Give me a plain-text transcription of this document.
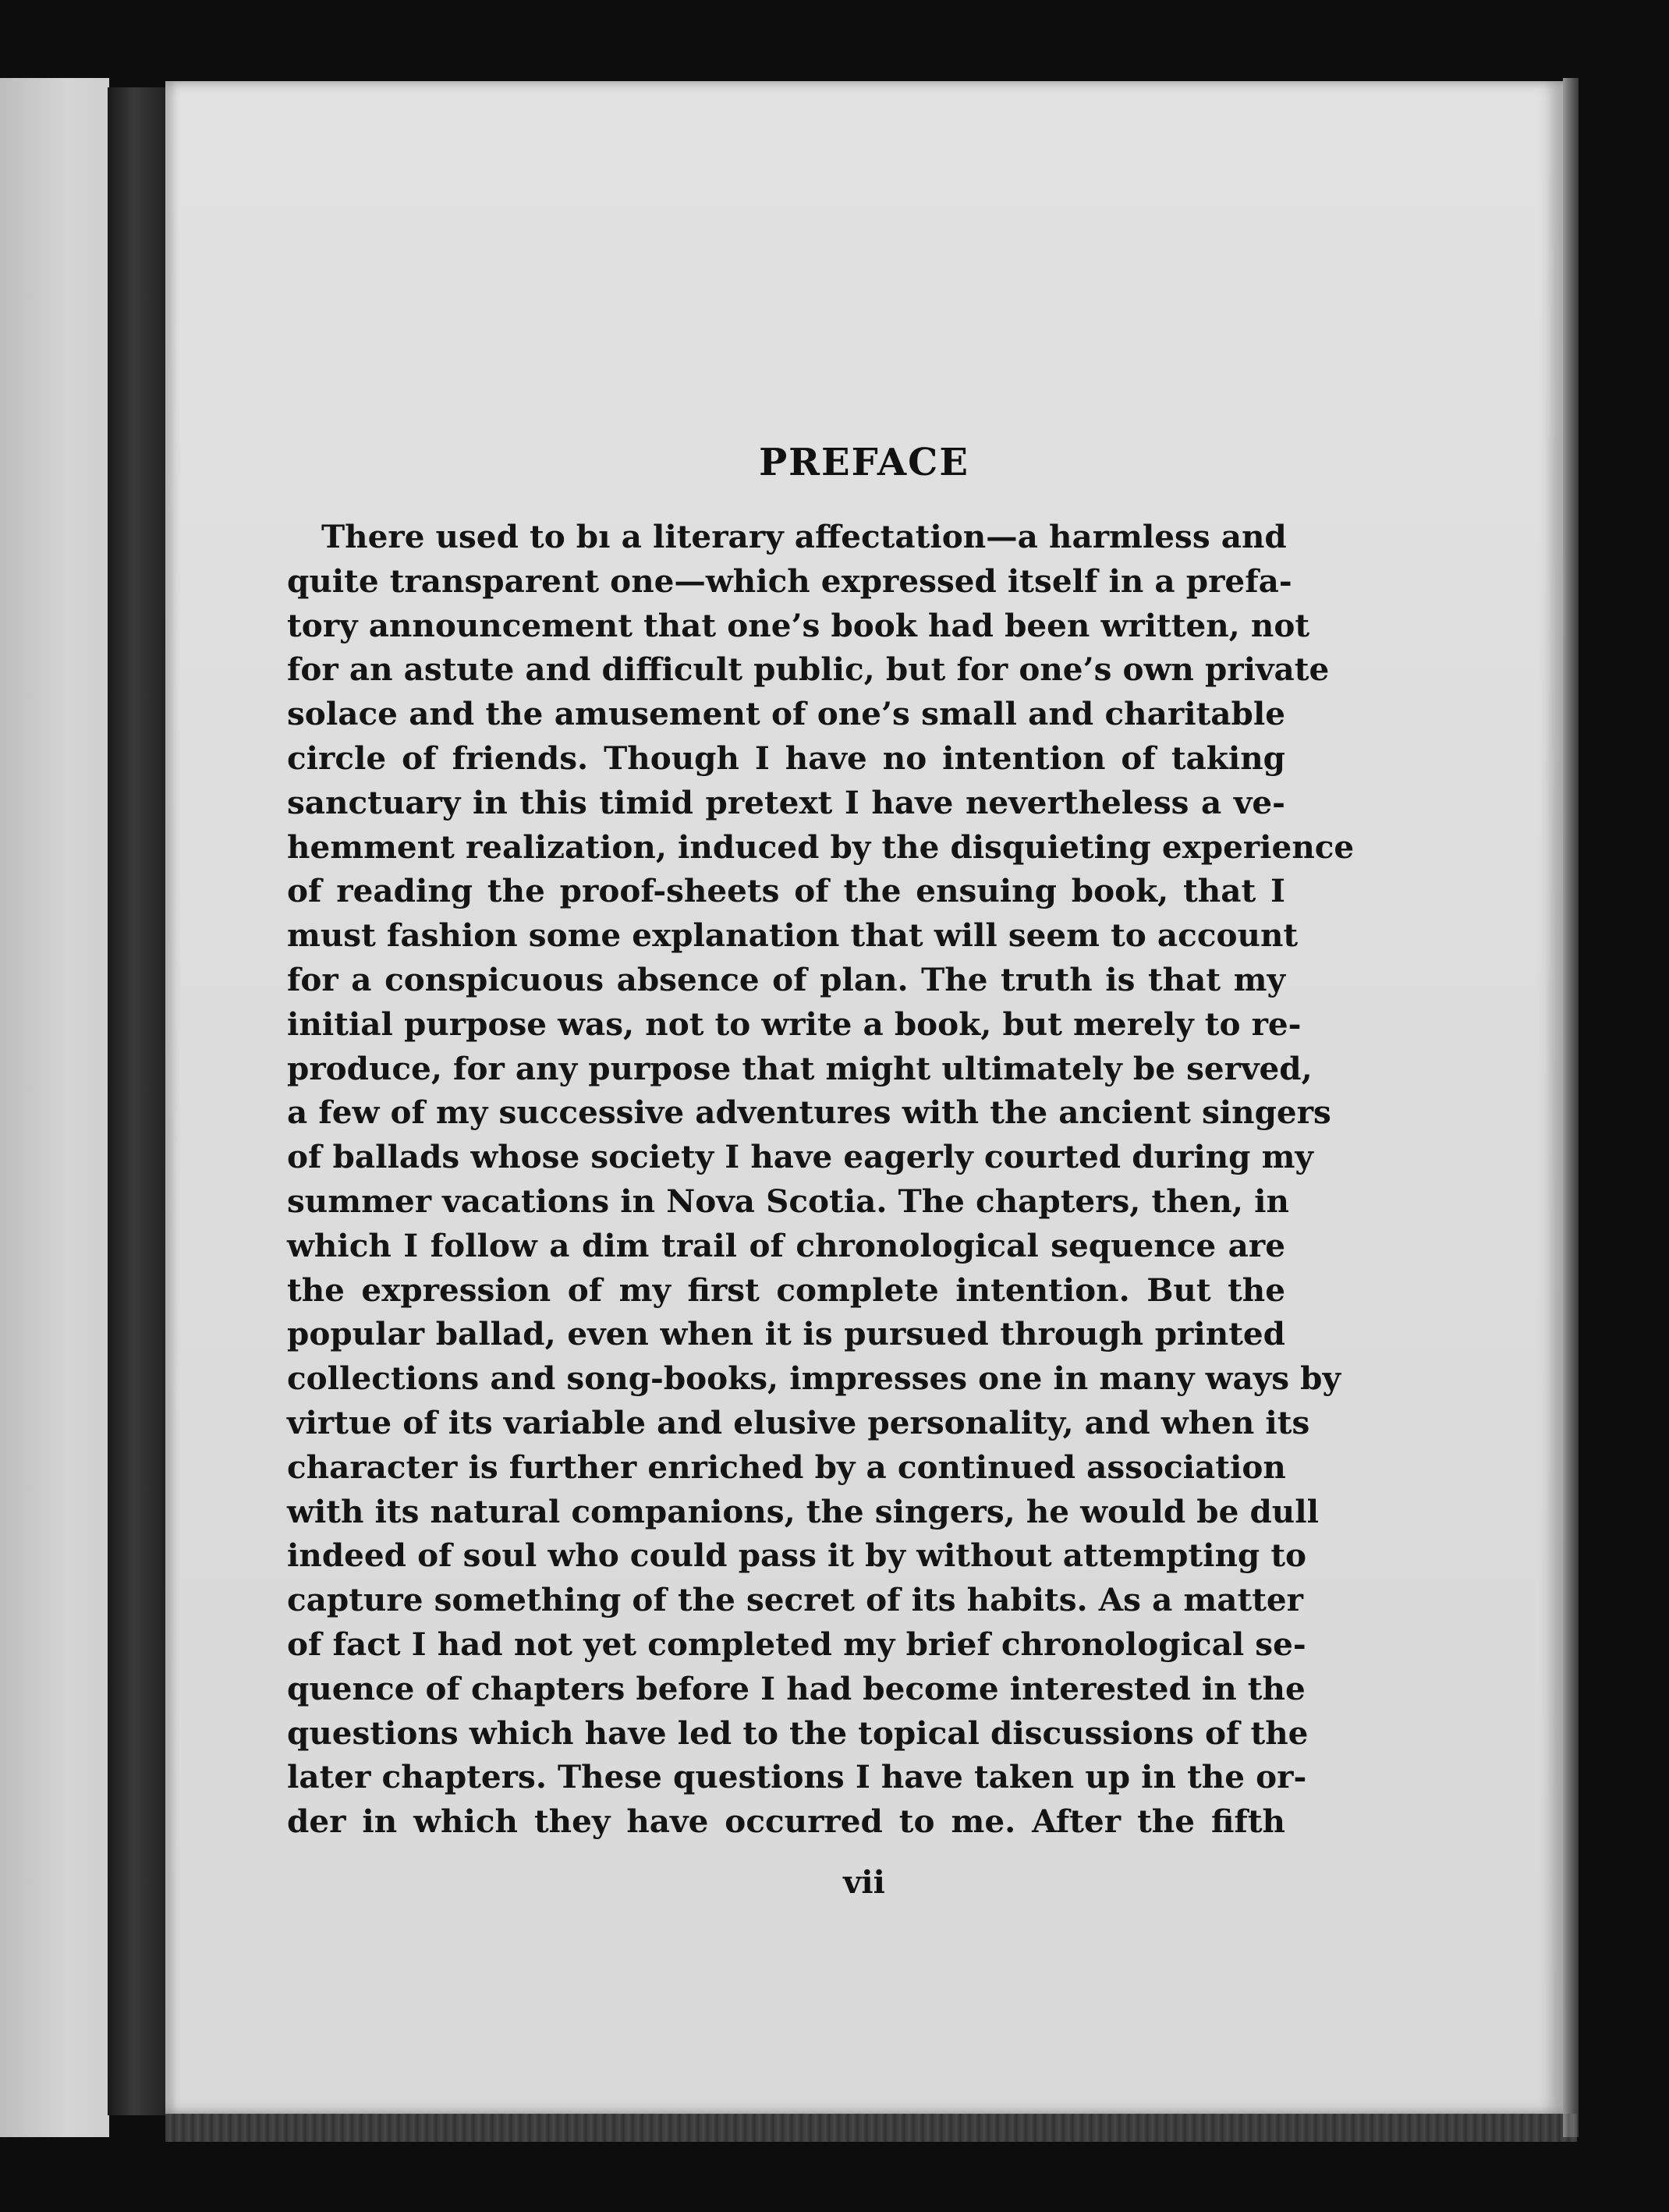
PREFACE
There used to bı a literary affectation—a harmless and
quite transparent one—which expressed itself in a prefa-
tory announcement that one’s book had been written, not
for an astute and difficult public, but for one’s own private
solace and the amusement of one’s small and charitable
circle of friends. Though I have no intention of taking
sanctuary in this timid pretext I have nevertheless a ve-
hemment realization, induced by the disquieting experience
of reading the proof-sheets of the ensuing book, that I
must fashion some explanation that will seem to account
for a conspicuous absence of plan. The truth is that my
initial purpose was, not to write a book, but merely to re-
produce, for any purpose that might ultimately be served,
a few of my successive adventures with the ancient singers
of ballads whose society I have eagerly courted during my
summer vacations in Nova Scotia. The chapters, then, in
which I follow a dim trail of chronological sequence are
the expression of my first complete intention. But the
popular ballad, even when it is pursued through printed
collections and song-books, impresses one in many ways by
virtue of its variable and elusive personality, and when its
character is further enriched by a continued association
with its natural companions, the singers, he would be dull
indeed of soul who could pass it by without attempting to
capture something of the secret of its habits. As a matter
of fact I had not yet completed my brief chronological se-
quence of chapters before I had become interested in the
questions which have led to the topical discussions of the
later chapters. These questions I have taken up in the or-
der in which they have occurred to me. After the fifth
vii
